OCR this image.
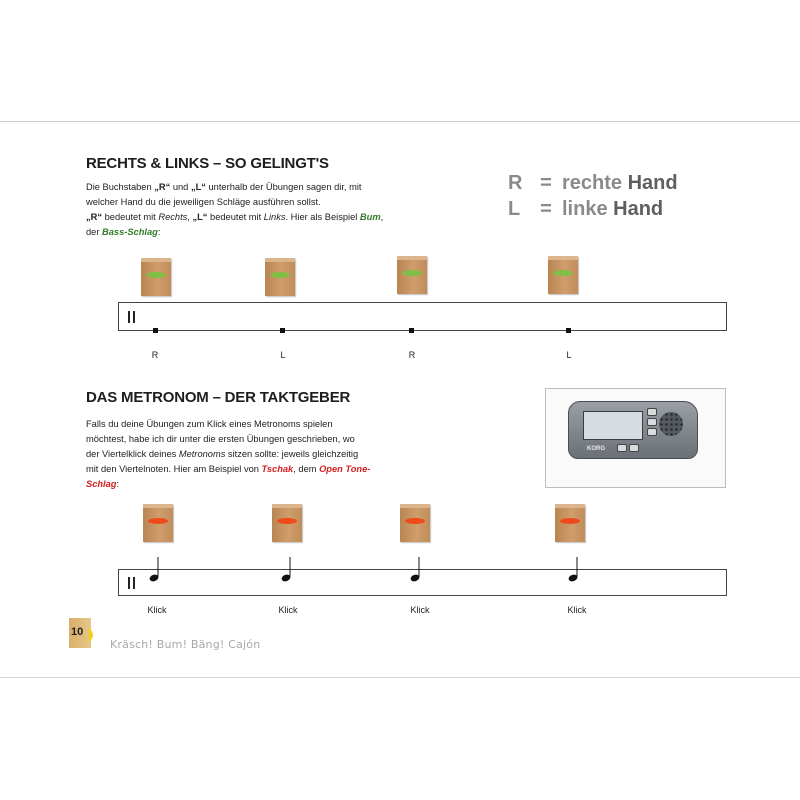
RECHTS & LINKS – SO GELINGT'S
Die Buchstaben „R“ und „L“ unterhalb der Übungen sagen dir, mit
welcher Hand du die jeweiligen Schläge ausführen sollst.
„R“ bedeutet mit Rechts, „L“ bedeutet mit Links. Hier als Beispiel Bum,
der Bass-Schlag:
R = rechte Hand
L = linke Hand
R	L	R	L
DAS METRONOM – DER TAKTGEBER
Falls du deine Übungen zum Klick eines Metronoms spielen
möchtest, habe ich dir unter die ersten Übungen geschrieben, wo
der Viertelklick deines Metronoms sitzen sollte: jeweils gleichzeitig
mit den Viertelnoten. Hier am Beispiel von Tschak, dem Open Tone-
Schlag:
KORG
Klick	Klick	Klick	Klick
10
Kräsch! Bum! Bäng! Cajón
